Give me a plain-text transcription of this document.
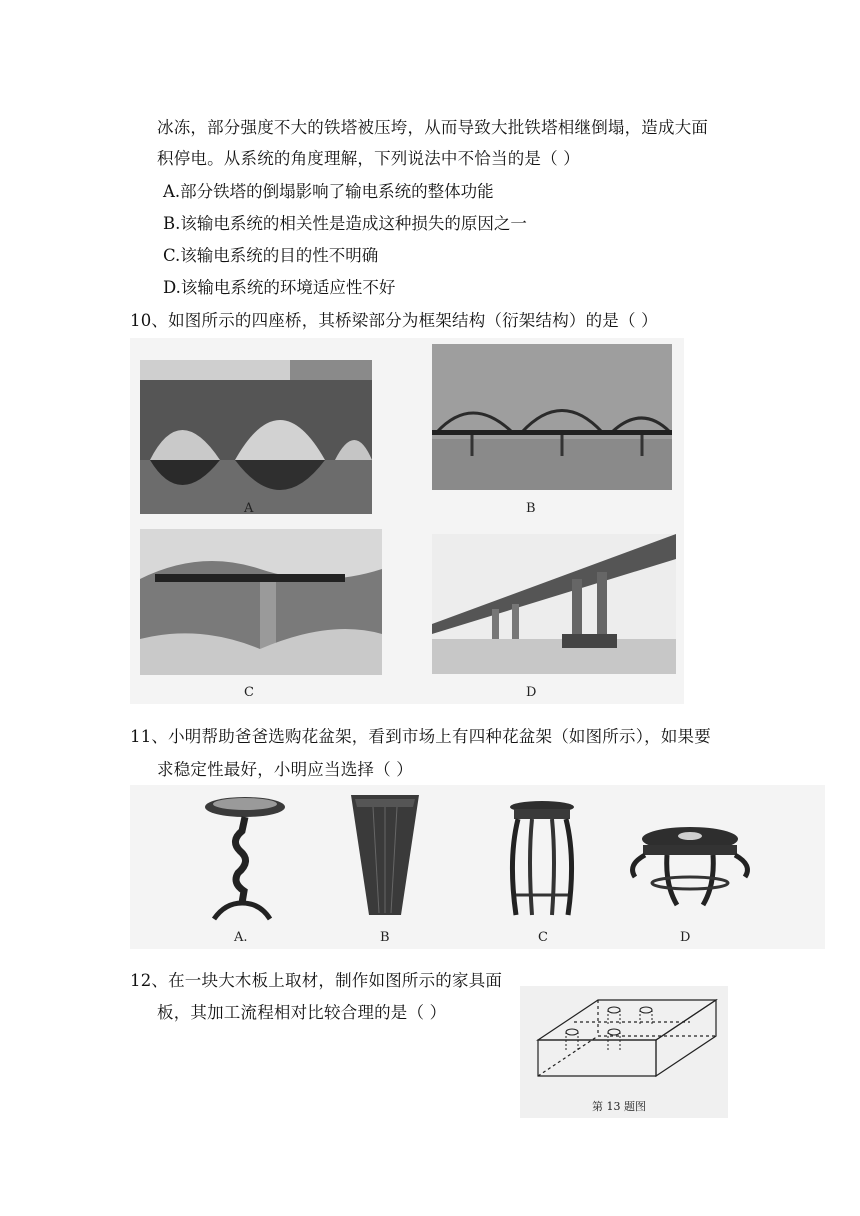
冰冻，部分强度不大的铁塔被压垮，从而导致大批铁塔相继倒塌，造成大面
积停电。从系统的角度理解，下列说法中不恰当的是（ ）
A.部分铁塔的倒塌影响了输电系统的整体功能
B.该输电系统的相关性是造成这种损失的原因之一
C.该输电系统的目的性不明确
D.该输电系统的环境适应性不好
10、如图所示的四座桥，其桥梁部分为框架结构（衍架结构）的是（ ）
A	B
C	D
11、小明帮助爸爸选购花盆架，看到市场上有四种花盆架（如图所示），如果要
求稳定性最好，小明应当选择（ ）
A.	B	C	D
12、在一块大木板上取材，制作如图所示的家具面
板，其加工流程相对比较合理的是（ ）
第 13 题图
